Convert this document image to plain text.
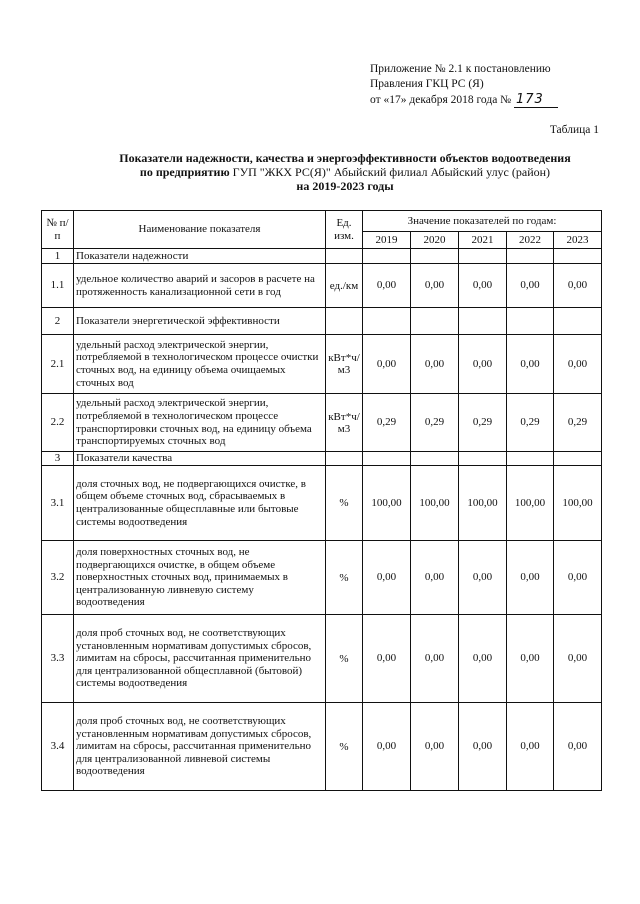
Приложение № 2.1 к постановлению
Правления ГКЦ РС (Я)
от «17» декабря 2018 года № 173
Таблица 1
Показатели надежности, качества и энергоэффективности объектов водоотведения
по предприятию ГУП "ЖКХ РС(Я)" Абыйский филиал Абыйский улус (район)
на 2019-2023 годы
№ п/п	Наименование показателя	Ед. изм.	Значение показателей по годам:				
			2019	2020	2021	2022	2023
1	Показатели надежности						
1.1	удельное количество аварий и засоров в расчете на протяженность канализационной сети в год	ед./км	0,00	0,00	0,00	0,00	0,00
2	Показатели энергетической эффективности						
2.1	удельный расход электрической энергии, потребляемой в технологическом процессе очистки сточных вод, на единицу объема очищаемых сточных вод	кВт*ч/м3	0,00	0,00	0,00	0,00	0,00
2.2	удельный расход электрической энергии, потребляемой в технологическом процессе транспортировки сточных вод, на единицу объема транспортируемых сточных вод	кВт*ч/м3	0,29	0,29	0,29	0,29	0,29
3	Показатели качества						
3.1	доля сточных вод, не подвергающихся очистке, в общем объеме сточных вод, сбрасываемых в централизованные общесплавные или бытовые системы водоотведения	%	100,00	100,00	100,00	100,00	100,00
3.2	доля поверхностных сточных вод, не подвергающихся очистке, в общем объеме поверхностных сточных вод, принимаемых в централизованную ливневую систему водоотведения	%	0,00	0,00	0,00	0,00	0,00
3.3	доля проб сточных вод, не соответствующих установленным нормативам допустимых сбросов, лимитам на сбросы, рассчитанная применительно для централизованной общесплавной (бытовой) системы водоотведения	%	0,00	0,00	0,00	0,00	0,00
3.4	доля проб сточных вод, не соответствующих установленным нормативам допустимых сбросов, лимитам на сбросы, рассчитанная применительно для централизованной ливневой системы водоотведения	%	0,00	0,00	0,00	0,00	0,00
